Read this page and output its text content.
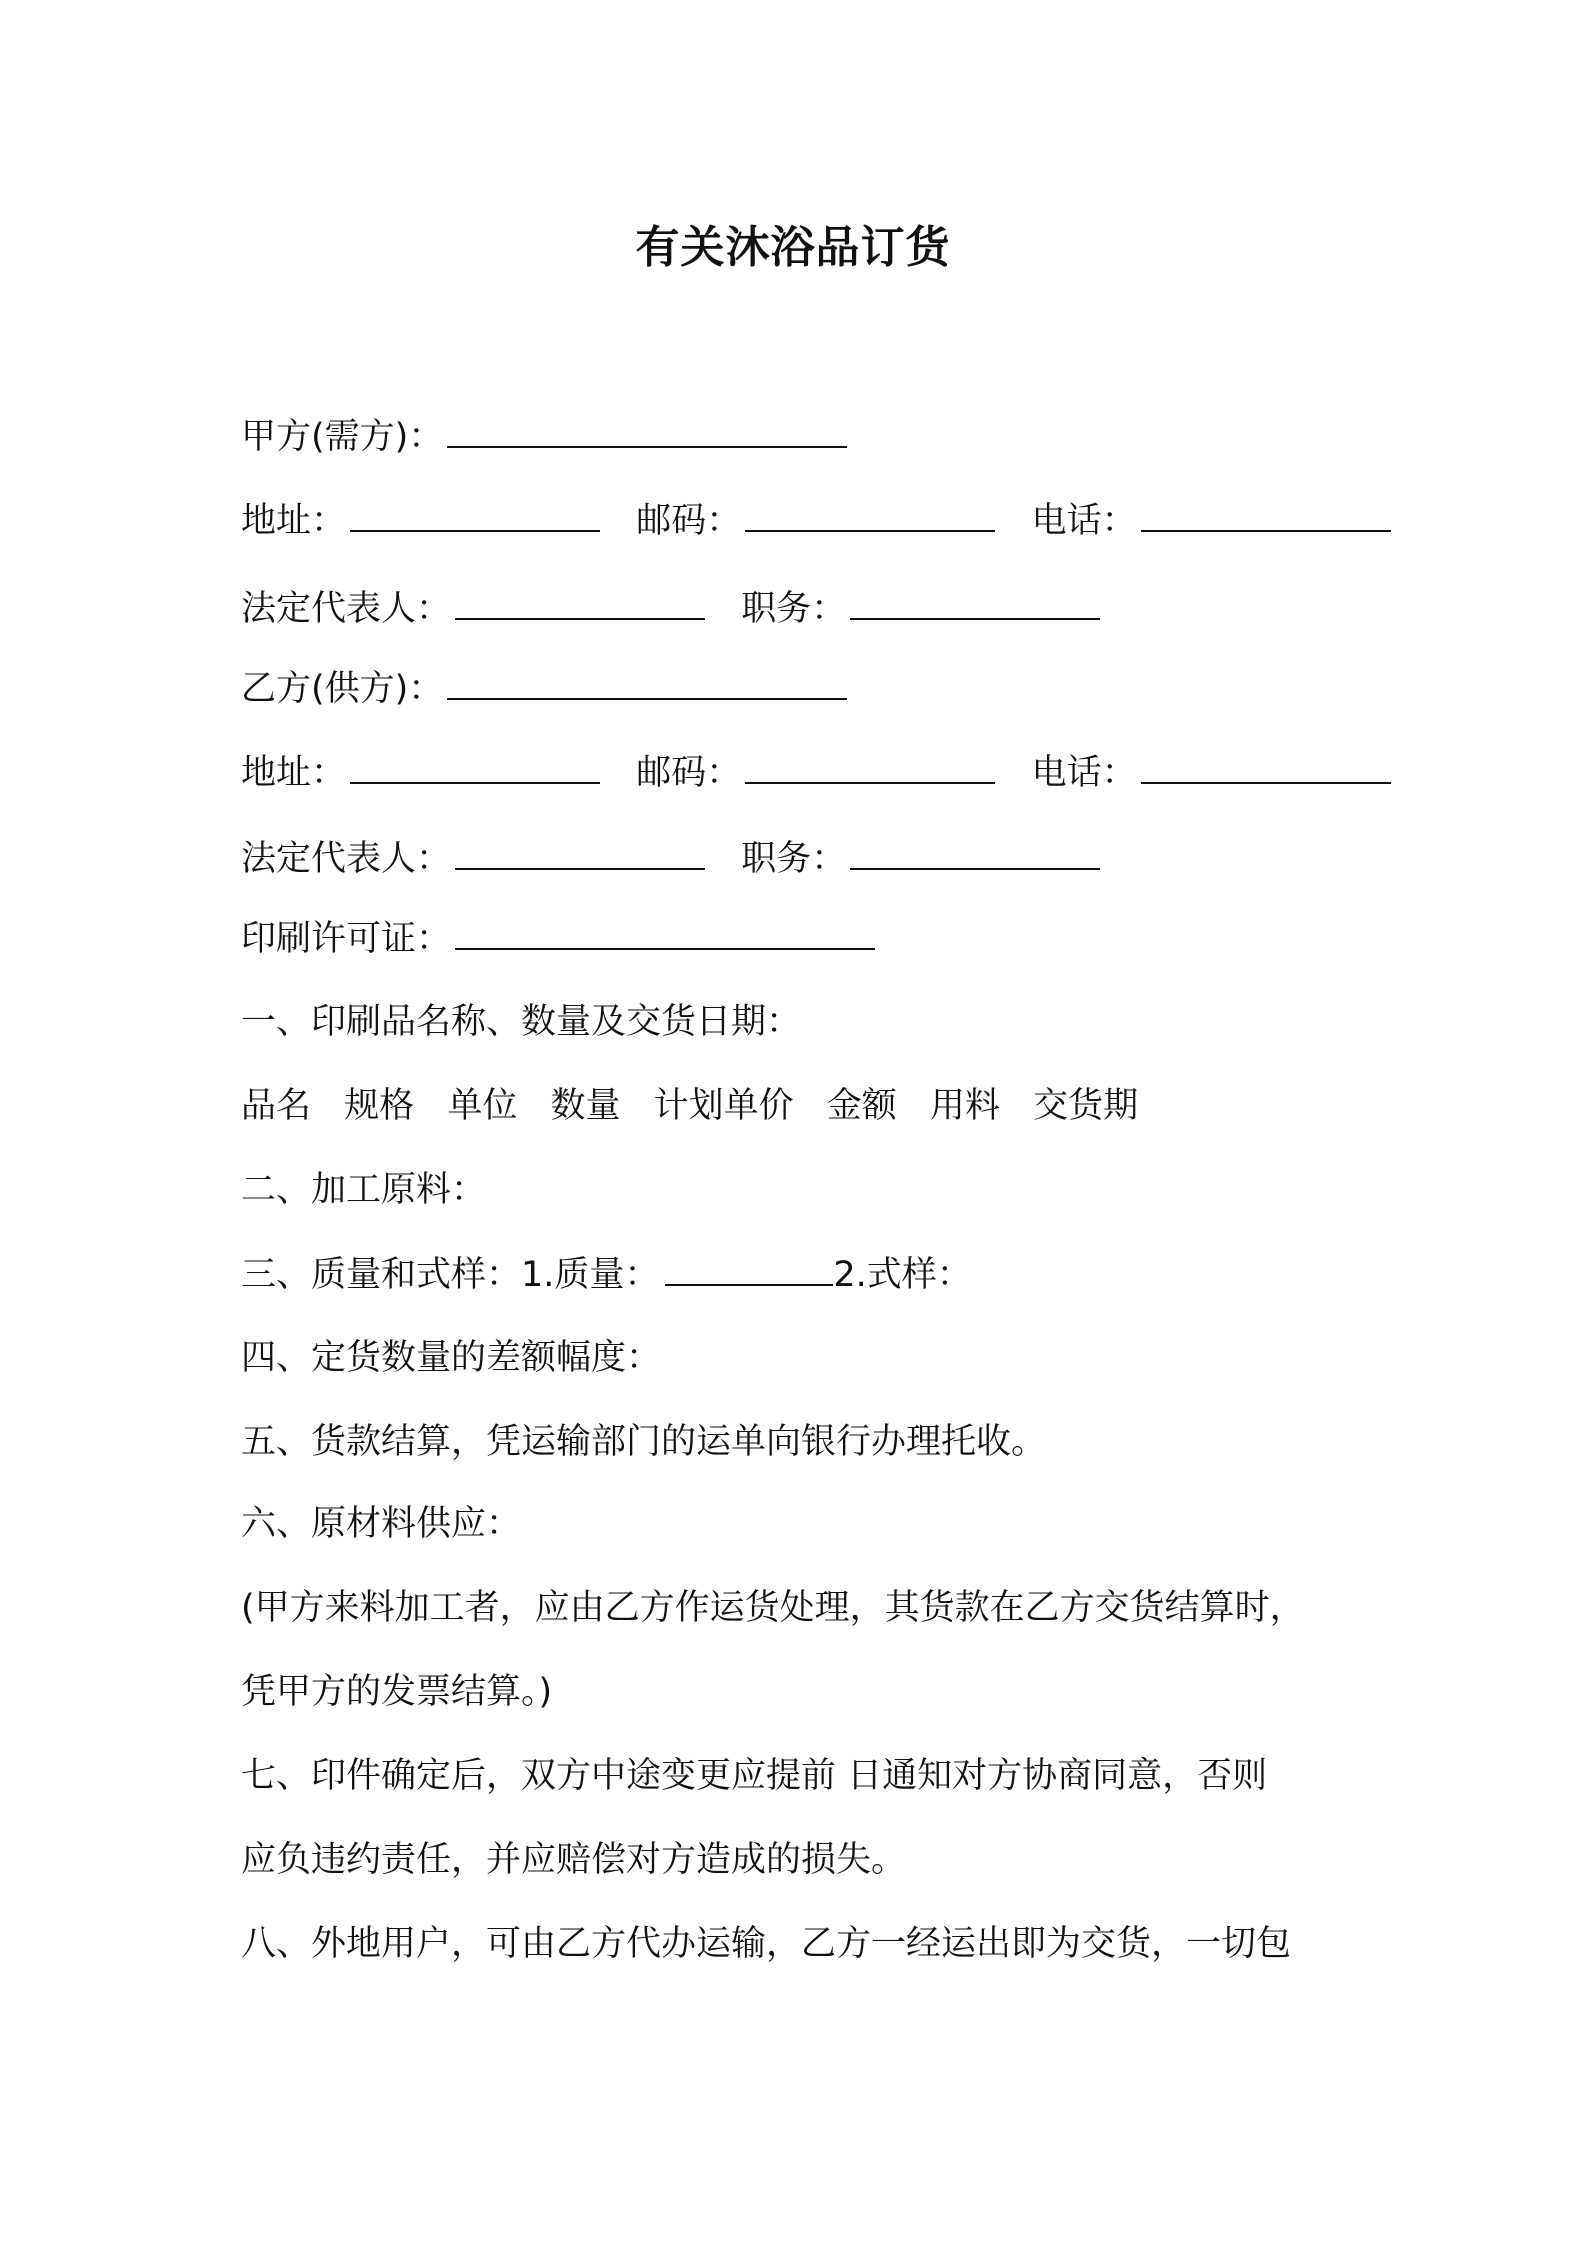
有关沐浴品订货
甲方(需方)：
地址：	邮码：	电话：
法定代表人：	职务：
乙方(供方)：
地址：	邮码：	电话：
法定代表人：	职务：
印刷许可证：
一、印刷品名称、数量及交货日期：
品名 规格 单位 数量 计划单价 金额 用料 交货期
二、加工原料：
三、质量和式样：1.质量：	2.式样：
四、定货数量的差额幅度：
五、货款结算，凭运输部门的运单向银行办理托收。
六、原材料供应：
(甲方来料加工者，应由乙方作运货处理，其货款在乙方交货结算时，
凭甲方的发票结算。)
七、印件确定后，双方中途变更应提前 日通知对方协商同意，否则
应负违约责任，并应赔偿对方造成的损失。
八、外地用户，可由乙方代办运输，乙方一经运出即为交货，一切包
